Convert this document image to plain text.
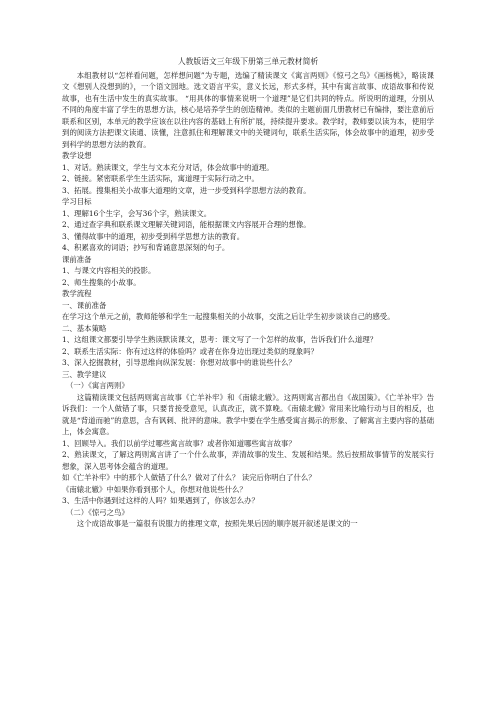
人教版语文三年级下册第三单元教材简析

本组教材以“怎样看问题，怎样想问题”为专题，选编了精读课文《寓言两则》《惊弓之鸟》《画杨桃》，略读课文《想别人没想到的》，一个语文园地。选文语言平实，意义长远，形式多样，其中有寓言故事、成语故事和传说故事，也有生活中发生的真实故事。 “用具体的事情来说明一个道理”是它们共同的特点。所说明的道理，分别从不同的角度丰富了学生的思想方法，核心是培养学生的创造精神。类似的主题前面几册教材已有编排，要注意前后联系和区别，本单元的教学应该在以往内容的基础上有所扩展，持续提升要求。教学时，教师要以读为本，使用学到的阅读方法把课文读通、读懂，注意抓住和理解课文中的关键词句，联系生活实际，体会故事中的道理，初步受到科学的思想方法的教育。

教学设想

1、对话。熟读课文，学生与文本充分对话，体会故事中的道理。

2、链接。紧密联系学生生活实际，寓道理于实际行动之中。

3、拓展。搜集相关小故事大道理的文章，进一步受到科学思想方法的教育。

学习目标

1、理解16个生字，会写36个字，熟读课文。

2、通过查字典和联系课文理解关键词语，能根据课文内容展开合理的想像。

3、懂得故事中的道理，初步受到科学思想方法的教育。

4、积累喜欢的词语；抄写和背诵意思深刻的句子。

课前准备

1、与课文内容相关的投影。

2、师生搜集的小故事。

教学流程

一、课前准备

在学习这个单元之前，教师能够和学生一起搜集相关的小故事，交流之后让学生初步谈谈自己的感受。

二、基本策略

1、这组课文都要引导学生熟读默读课文，思考：课文写了一个怎样的故事，告诉我们什么道理？

2、联系生活实际：你有过这样的体验吗？或者在你身边出现过类似的现象吗？

3、深入挖掘教材，引导思维向纵深发展：你想对故事中的谁说些什么？

三、教学建议

（一）《寓言两则》

这篇精读课文包括两则寓言故事《亡羊补牢》和《南辕北辙》。这两则寓言都出自《战国策》。《亡羊补牢》告诉我们：一个人做错了事，只要肯接受意见，认真改正，就不算晚。《南辕北辙》常用来比喻行动与目的相反，也就是“背道而驰”的意思，含有讽刺、批评的意味。教学中要在学生感受寓言揭示的形象、了解寓言主要内容的基础上，体会寓意。

1、回顾导入。我们以前学过哪些寓言故事？或者你知道哪些寓言故事？

2、熟读课文，了解这两则寓言讲了一个什么故事，弄清故事的发生、发展和结果。然后按照故事情节的发展实行想象，深入思考体会蕴含的道理。

如《亡羊补牢》中的那个人做错了什么？做对了什么？ 读完后你明白了什么？

《南辕北辙》中如果你看到那个人，你想对他说些什么？

3、生活中你遇到过这样的人吗？如果遇到了，你该怎么办？

（二）《惊弓之鸟》

这个成语故事是一篇很有说服力的推理文章，按照先果后因的顺序展开叙述是课文的一
